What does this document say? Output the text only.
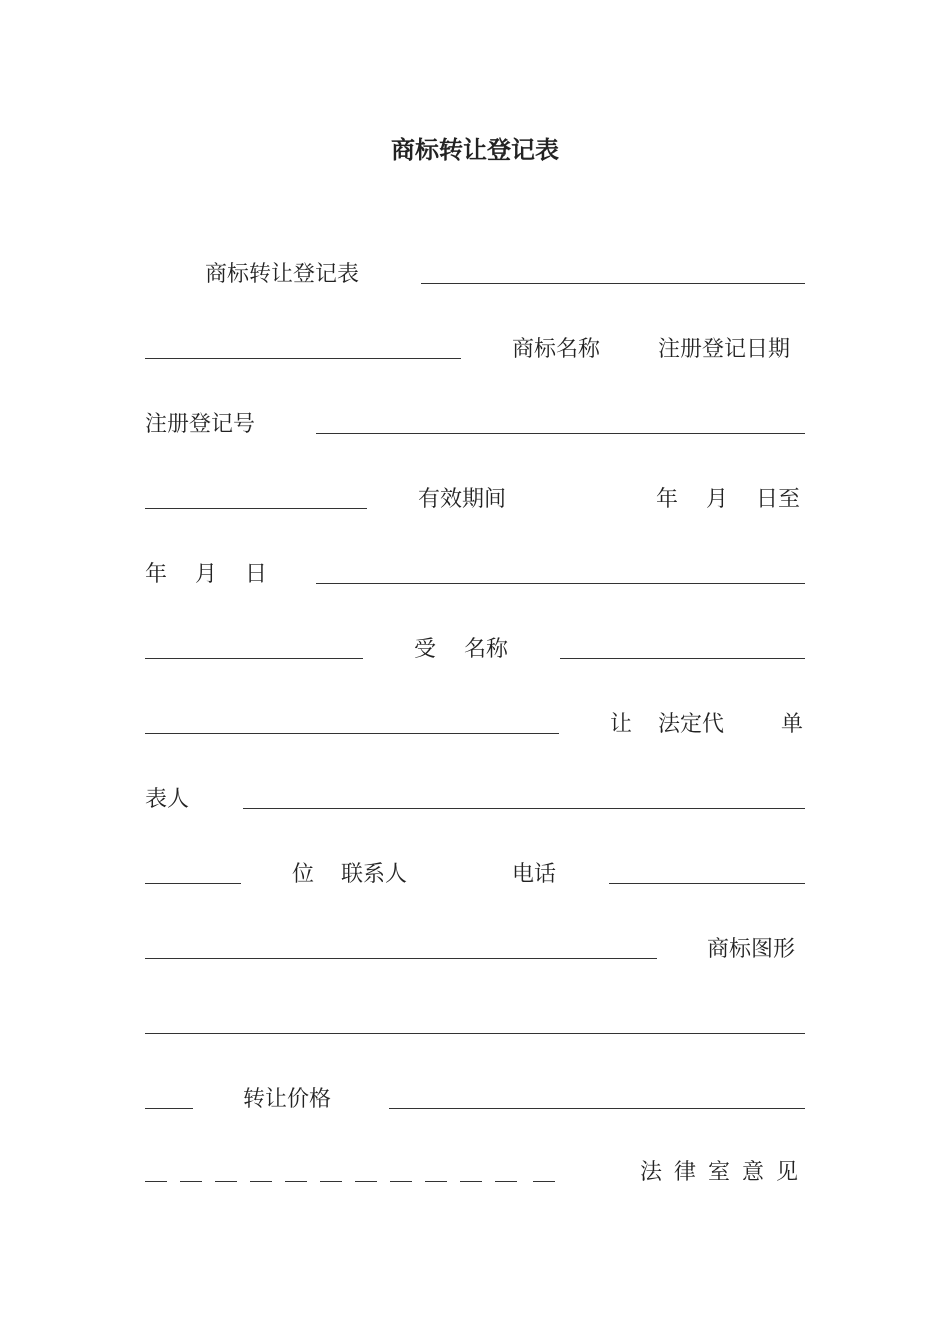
商标转让登记表
商标转让登记表
商标名称	注册登记日期
注册登记号
有效期间	年 月 日至
年 月 日
受 名称
让 法定代	单
表人
位 联系人	电话
商标图形
转让价格
法律室意见
